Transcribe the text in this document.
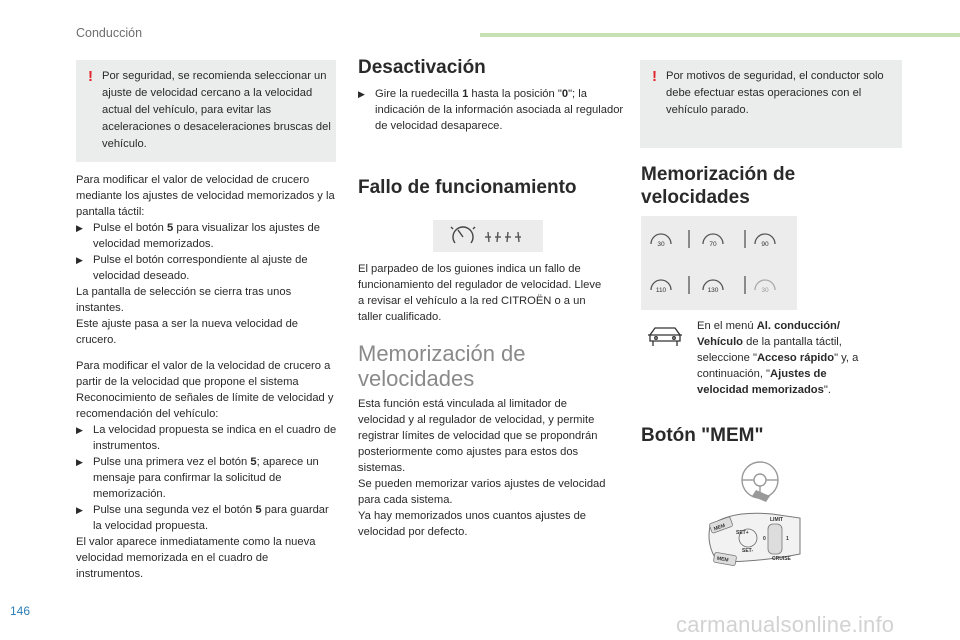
Conducción
! Por seguridad, se recomienda seleccionar un ajuste de velocidad cercano a la velocidad actual del vehículo, para evitar las aceleraciones o desaceleraciones bruscas del vehículo.

Para modificar el valor de velocidad de crucero mediante los ajustes de velocidad memorizados y la pantalla táctil:

▶ Pulse el botón 5 para visualizar los ajustes de velocidad memorizados.
▶ Pulse el botón correspondiente al ajuste de velocidad deseado.

La pantalla de selección se cierra tras unos instantes.

Este ajuste pasa a ser la nueva velocidad de crucero.

Para modificar el valor de la velocidad de crucero a partir de la velocidad que propone el sistema Reconocimiento de señales de límite de velocidad y recomendación del vehículo:

▶ La velocidad propuesta se indica en el cuadro de instrumentos.
▶ Pulse una primera vez el botón 5; aparece un mensaje para confirmar la solicitud de memorización.
▶ Pulse una segunda vez el botón 5 para guardar la velocidad propuesta.

El valor aparece inmediatamente como la nueva velocidad memorizada en el cuadro de instrumentos.

Desactivación
▶ Gire la ruedecilla 1 hasta la posición "0"; la indicación de la información asociada al regulador de velocidad desaparece.
Fallo de funcionamiento
El parpadeo de los guiones indica un fallo de funcionamiento del regulador de velocidad. Lleve a revisar el vehículo a la red CITROËN o a un taller cualificado.
Memorización de velocidades

Esta función está vinculada al limitador de velocidad y al regulador de velocidad, y permite registrar límites de velocidad que se propondrán posteriormente como ajustes para estos dos sistemas.

Se pueden memorizar varios ajustes de velocidad para cada sistema.

Ya hay memorizados unos cuantos ajustes de velocidad por defecto.

! Por motivos de seguridad, el conductor solo debe efectuar estas operaciones con el vehículo parado.
Memorización de velocidades
30	70	90
110	130	30
En el menú Al. conducción/ Vehículo de la pantalla táctil, seleccione "Acceso rápido" y, a continuación, "Ajustes de velocidad memorizados".
Botón "MEM"
MEM
MEM
LIMIT
CRUISE
SET+
SET-
0	1
146
carmanualsonline.info
